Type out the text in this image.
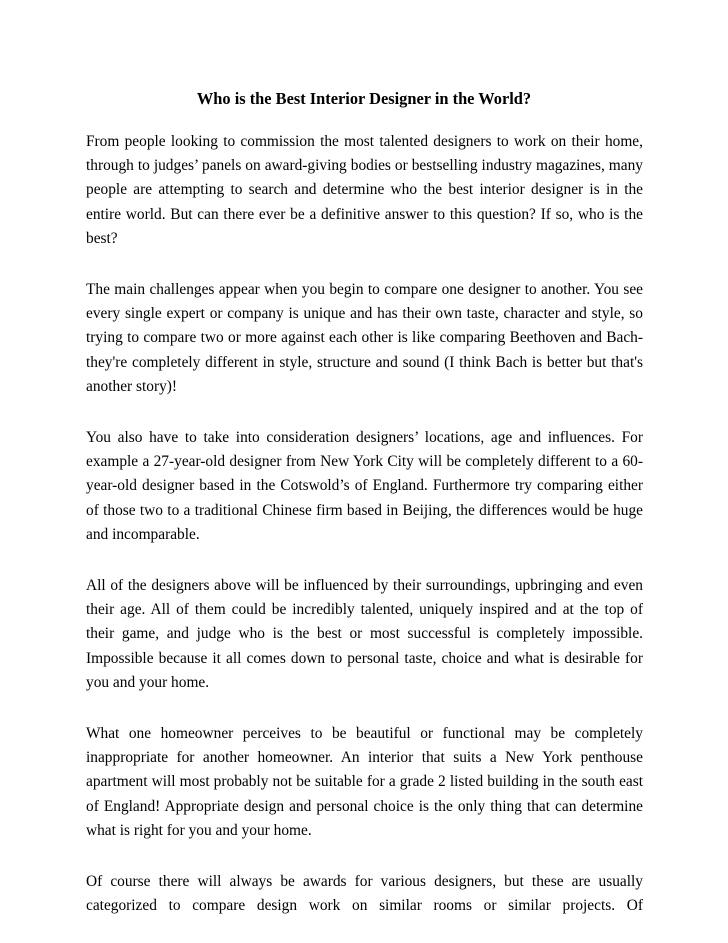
Who is the Best Interior Designer in the World?

From people looking to commission the most talented designers to work on their home, through to judges’ panels on award-giving bodies or bestselling industry magazines, many people are attempting to search and determine who the best interior designer is in the entire world. But can there ever be a definitive answer to this question? If so, who is the best?

The main challenges appear when you begin to compare one designer to another. You see every single expert or company is unique and has their own taste, character and style, so trying to compare two or more against each other is like comparing Beethoven and Bach- they're completely different in style, structure and sound (I think Bach is better but that's another story)!

You also have to take into consideration designers’ locations, age and influences. For example a 27-year-old designer from New York City will be completely different to a 60-year-old designer based in the Cotswold’s of England. Furthermore try comparing either of those two to a traditional Chinese firm based in Beijing, the differences would be huge and incomparable.

All of the designers above will be influenced by their surroundings, upbringing and even their age. All of them could be incredibly talented, uniquely inspired and at the top of their game, and judge who is the best or most successful is completely impossible. Impossible because it all comes down to personal taste, choice and what is desirable for you and your home.

What one homeowner perceives to be beautiful or functional may be completely inappropriate for another homeowner. An interior that suits a New York penthouse apartment will most probably not be suitable for a grade 2 listed building in the south east of England! Appropriate design and personal choice is the only thing that can determine what is right for you and your home.

Of course there will always be awards for various designers, but these are usually categorized to compare design work on similar rooms or similar projects. Of
